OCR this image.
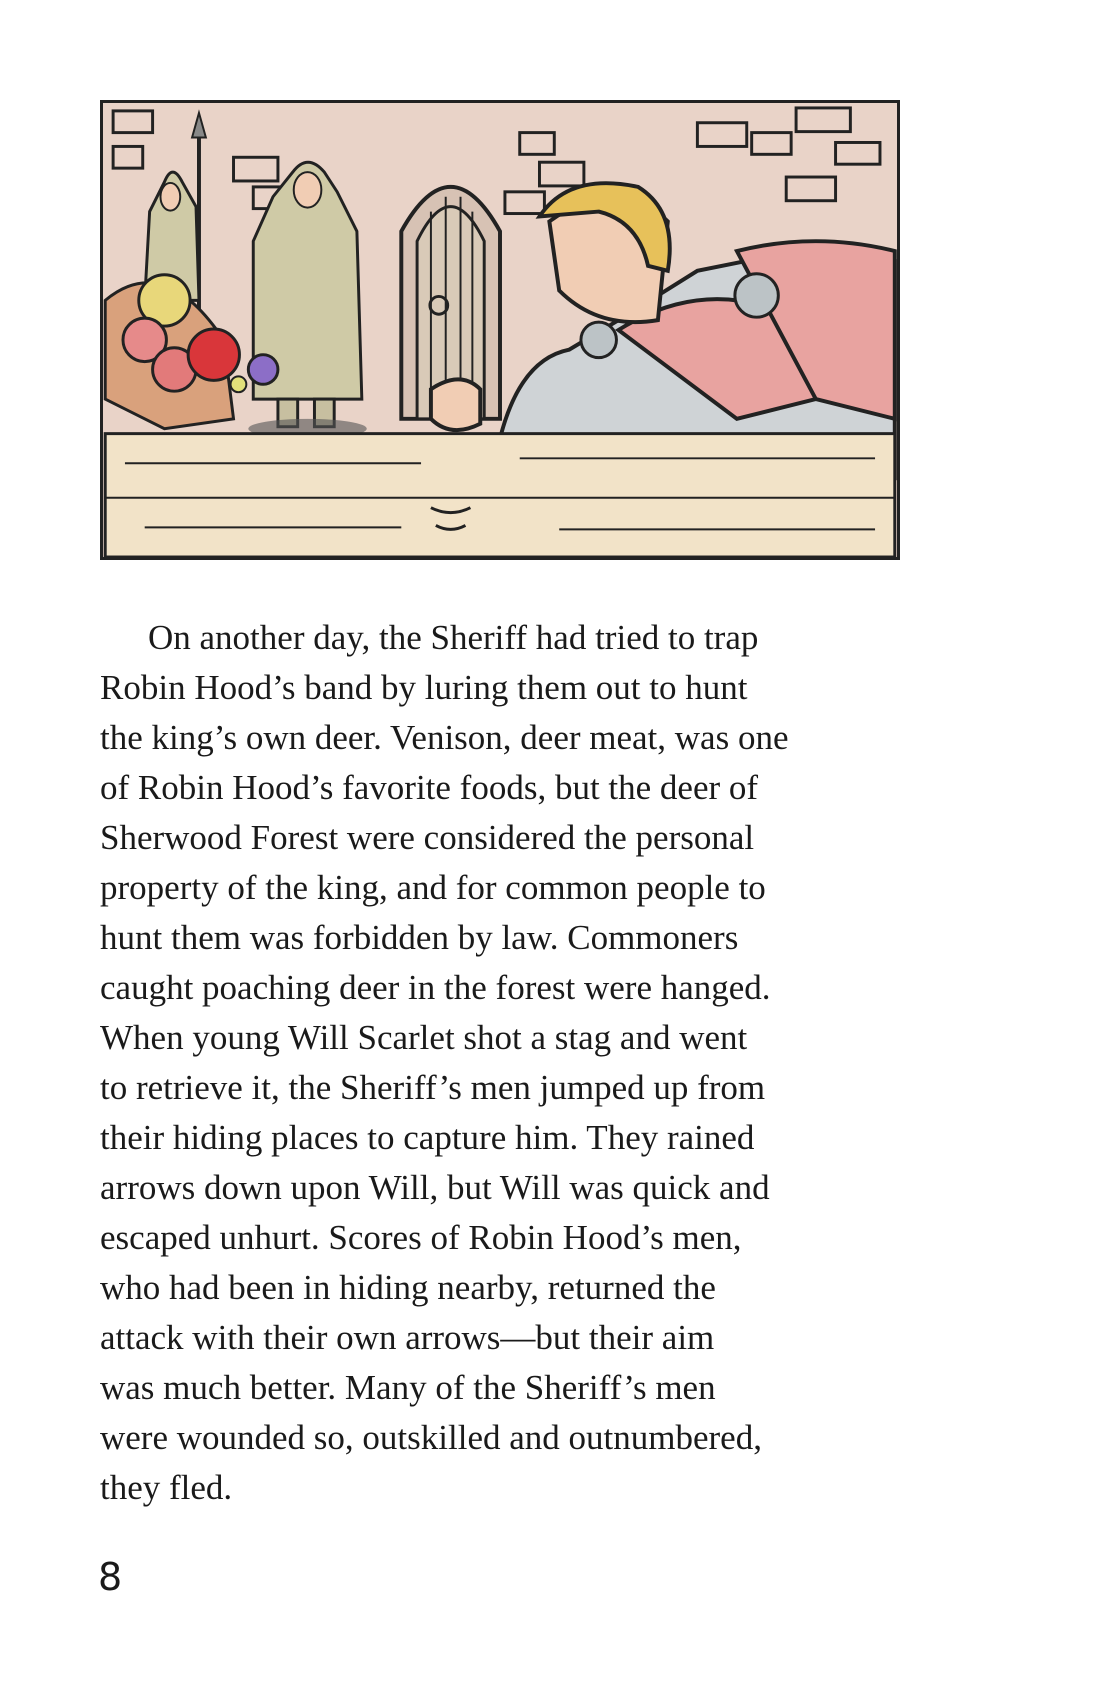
On another day, the Sheriff had tried to trap
Robin Hood’s band by luring them out to hunt
the king’s own deer. Venison, deer meat, was one
of Robin Hood’s favorite foods, but the deer of
Sherwood Forest were considered the personal
property of the king, and for common people to
hunt them was forbidden by law. Commoners
caught poaching deer in the forest were hanged.
When young Will Scarlet shot a stag and went
to retrieve it, the Sheriff’s men jumped up from
their hiding places to capture him. They rained
arrows down upon Will, but Will was quick and
escaped unhurt. Scores of Robin Hood’s men,
who had been in hiding nearby, returned the
attack with their own arrows—but their aim
was much better. Many of the Sheriff’s men
were wounded so, outskilled and outnumbered,
they fled.
8
